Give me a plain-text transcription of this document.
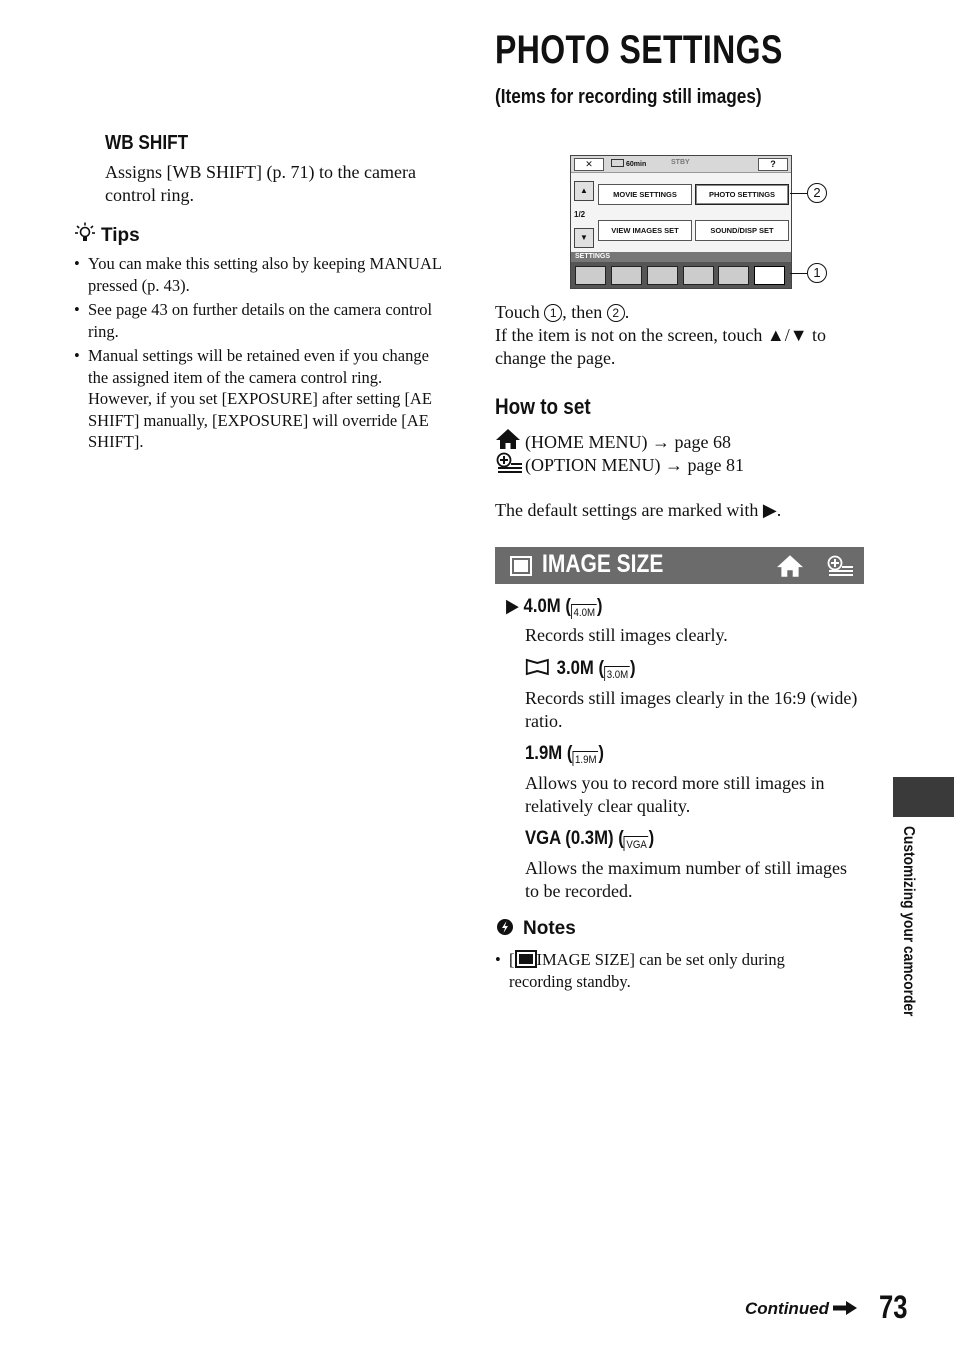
WB SHIFT
Assigns [WB SHIFT] (p. 71) to the camera control ring.
Tips
• You can make this setting also by keeping MANUAL pressed (p. 43).
• See page 43 on further details on the camera control ring.
• Manual settings will be retained even if you change the assigned item of the camera control ring. However, if you set [EXPOSURE] after setting [AE SHIFT] manually, [EXPOSURE] will override [AE SHIFT].
PHOTO SETTINGS
(Items for recording still images)
✕	60min	STBY	?
▲
1/2
▼
MOVIE SETTINGS	PHOTO SETTINGS
VIEW IMAGES SET	SOUND/DISP SET
SETTINGS
2
1
Touch 1 , then 2 .
If the item is not on the screen, touch ▲/▼ to change the page.
How to set
(HOME MENU) → page 68
(OPTION MENU) → page 81
The default settings are marked with ▶.
IMAGE SIZE
▶ 4.0M ( 4.0M)
Records still images clearly.
3.0M ( 3.0M)
Records still images clearly in the 16:9 (wide) ratio.
1.9M ( 1.9M)
Allows you to record more still images in relatively clear quality.
VGA (0.3M) ( VGA)
Allows the maximum number of still images to be recorded.
Notes
• [ IMAGE SIZE] can be set only during recording standby.	Customizing your camcorder
Continued	73
